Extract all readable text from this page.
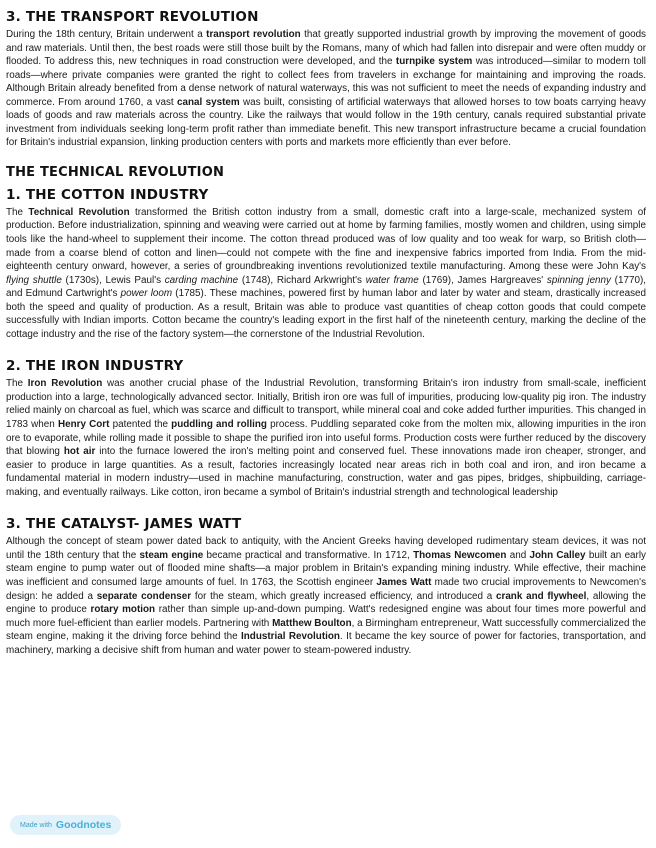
3. THE TRANSPORT REVOLUTION

During the 18th century, Britain underwent a transport revolution that greatly supported industrial growth by improving the movement of goods and raw materials. Until then, the best roads were still those built by the Romans, many of which had fallen into disrepair and were often muddy or flooded. To address this, new techniques in road construction were developed, and the turnpike system was introduced—similar to modern toll roads—where private companies were granted the right to collect fees from travelers in exchange for maintaining and improving the roads. Although Britain already benefited from a dense network of natural waterways, this was not sufficient to meet the needs of expanding industry and commerce. From around 1760, a vast canal system was built, consisting of artificial waterways that allowed horses to tow boats carrying heavy loads of goods and raw materials across the country. Like the railways that would follow in the 19th century, canals required substantial private investment from individuals seeking long-term profit rather than immediate benefit. This new transport infrastructure became a crucial foundation for Britain's industrial expansion, linking production centers with ports and markets more efficiently than ever before.

THE TECHNICAL REVOLUTION
1. THE COTTON INDUSTRY

The Technical Revolution transformed the British cotton industry from a small, domestic craft into a large-scale, mechanized system of production. Before industrialization, spinning and weaving were carried out at home by farming families, mostly women and children, using simple tools like the hand-wheel to supplement their income. The cotton thread produced was of low quality and too weak for warp, so British cloth—made from a coarse blend of cotton and linen—could not compete with the fine and inexpensive fabrics imported from India. From the mid-eighteenth century onward, however, a series of groundbreaking inventions revolutionized textile manufacturing. Among these were John Kay's flying shuttle (1730s), Lewis Paul's carding machine (1748), Richard Arkwright's water frame (1769), James Hargreaves' spinning jenny (1770), and Edmund Cartwright's power loom (1785). These machines, powered first by human labor and later by water and steam, drastically increased both the speed and quality of production. As a result, Britain was able to produce vast quantities of cheap cotton goods that could compete successfully with Indian imports. Cotton became the country's leading export in the first half of the nineteenth century, marking the decline of the cottage industry and the rise of the factory system—the cornerstone of the Industrial Revolution.

2. THE IRON INDUSTRY

The Iron Revolution was another crucial phase of the Industrial Revolution, transforming Britain's iron industry from small-scale, inefficient production into a large, technologically advanced sector. Initially, British iron ore was full of impurities, producing low-quality pig iron. The industry relied mainly on charcoal as fuel, which was scarce and difficult to transport, while mineral coal and coke added further impurities. This changed in 1783 when Henry Cort patented the puddling and rolling process. Puddling separated coke from the molten mix, allowing impurities in the iron ore to evaporate, while rolling made it possible to shape the purified iron into useful forms. Production costs were further reduced by the discovery that blowing hot air into the furnace lowered the iron's melting point and conserved fuel. These innovations made iron cheaper, stronger, and easier to produce in large quantities. As a result, factories increasingly located near areas rich in both coal and iron, and iron became a fundamental material in modern industry—used in machine manufacturing, construction, water and gas pipes, bridges, shipbuilding, carriage-making, and eventually railways. Like cotton, iron became a symbol of Britain's industrial strength and technological leadership

3. THE CATALYST- JAMES WATT

Although the concept of steam power dated back to antiquity, with the Ancient Greeks having developed rudimentary steam devices, it was not until the 18th century that the steam engine became practical and transformative. In 1712, Thomas Newcomen and John Calley built an early steam engine to pump water out of flooded mine shafts—a major problem in Britain's expanding mining industry. While effective, their machine was inefficient and consumed large amounts of fuel. In 1763, the Scottish engineer James Watt made two crucial improvements to Newcomen's design: he added a separate condenser for the steam, which greatly increased efficiency, and introduced a crank and flywheel, allowing the engine to produce rotary motion rather than simple up-and-down pumping. Watt's redesigned engine was about four times more powerful and much more fuel-efficient than earlier models. Partnering with Matthew Boulton, a Birmingham entrepreneur, Watt successfully commercialized the steam engine, making it the driving force behind the Industrial Revolution. It became the key source of power for factories, transportation, and machinery, marking a decisive shift from human and water power to steam-powered industry.

Made with Goodnotes
